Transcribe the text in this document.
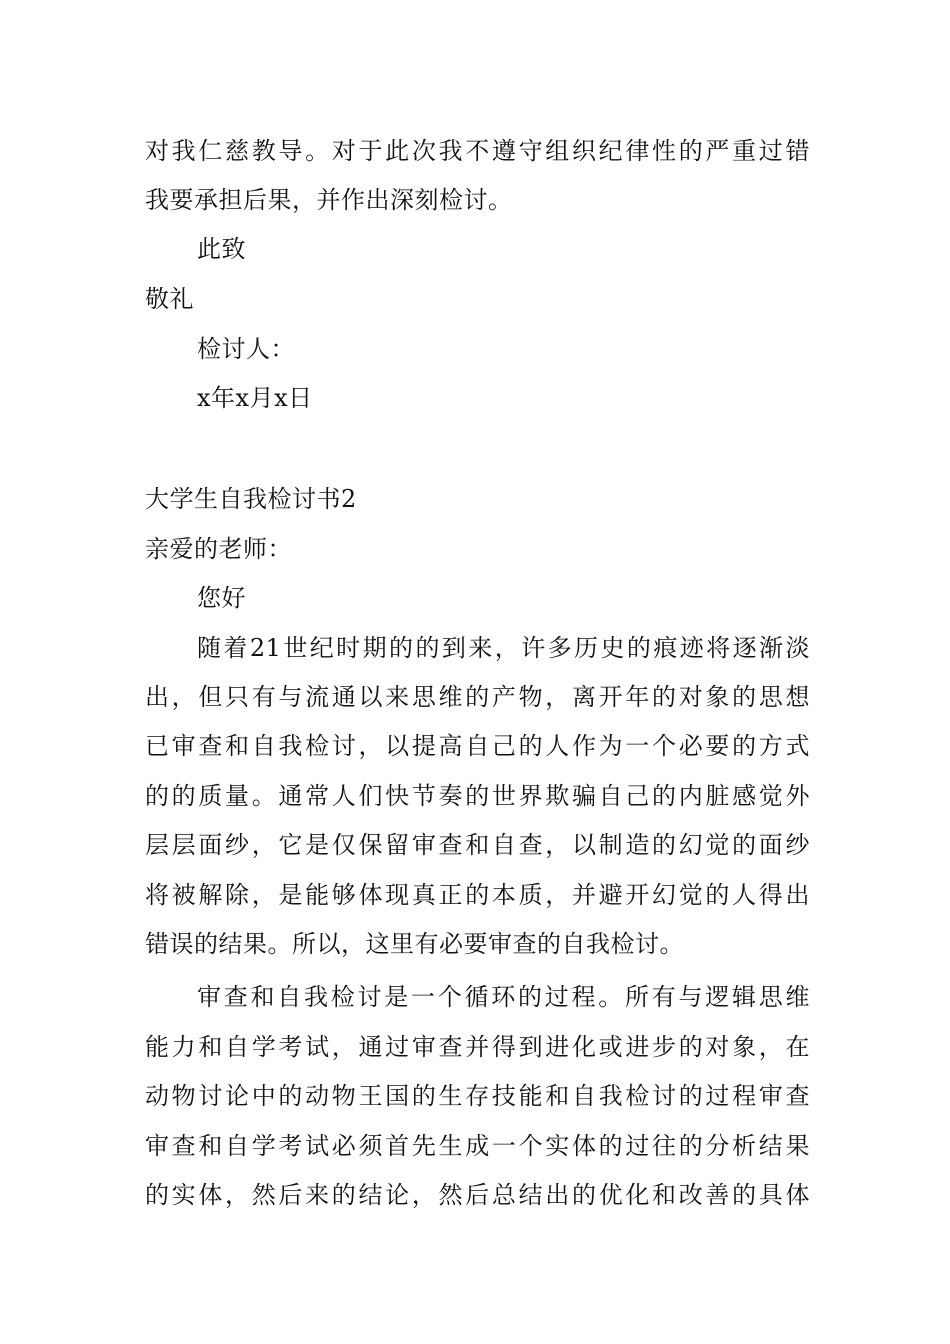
对我仁慈教导。对于此次我不遵守组织纪律性的严重过错
我要承担后果，并作出深刻检讨。
此致
敬礼
检讨人：
x年x月x日
大学生自我检讨书2
亲爱的老师：
您好
随着21世纪时期的的到来，许多历史的痕迹将逐渐淡
出，但只有与流通以来思维的产物，离开年的对象的思想
已审查和自我检讨，以提高自己的人作为一个必要的方式
的的质量。通常人们快节奏的世界欺骗自己的内脏感觉外
层层面纱，它是仅保留审查和自查，以制造的幻觉的面纱
将被解除，是能够体现真正的本质，并避开幻觉的人得出
错误的结果。所以，这里有必要审查的自我检讨。
审查和自我检讨是一个循环的过程。所有与逻辑思维
能力和自学考试，通过审查并得到进化或进步的对象，在
动物讨论中的动物王国的生存技能和自我检讨的过程审查
审查和自学考试必须首先生成一个实体的过往的分析结果
的实体，然后来的结论，然后总结出的优化和改善的具体
